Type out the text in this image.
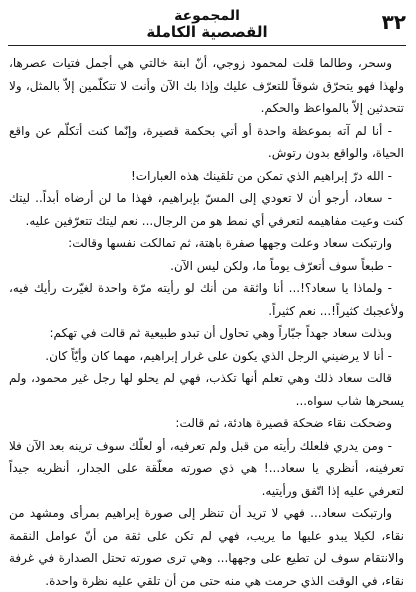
٣٢
المجموعة
القصصية الكاملة

وسحر، وطالما قلت لمحمود زوجي، أنّ ابنة خالتي هي أجمل فتيات عصرها، ولهذا فهو يتحرّق شوقاً للتعرّف عليك وإذا بك الآن وأنت لا تتكلّمين إلاّ بالمثل، ولا تتحدثين إلاّ بالمواعظ والحكم.

- أنا لم آته بموعظة واحدة أو أتي بحكمة قصيرة، وإنّما كنت أتكلّم عن واقع الحياة، والواقع بدون رتوش.

- الله درّ إبراهيم الذي تمكن من تلقينك هذه العبارات!

- سعاد، أرجو أن لا تعودي إلى المسّ بإبراهيم، فهذا ما لن أرضاه أبداً.. ليتك كنت وعيت مفاهيمه لتعرفي أي نمط هو من الرجال... نعم ليتك تتعرّفين عليه.

وارتبكت سعاد وعلت وجهها صفرة باهتة، ثم تمالكت نفسها وقالت:

- طبعاً سوف أتعرّف يوماً ما، ولكن ليس الآن.

- ولماذا يا سعاد؟!... أنا واثقة من أنك لو رأيته مرّة واحدة لغيّرت رأيك فيه، ولأعجبك كثيراً!... نعم كثيراً.

وبذلت سعاد جهداً جبّاراً وهي تحاول أن تبدو طبيعية ثم قالت في تهكم:

- أنا لا يرضيني الرجل الذي يكون على غرار إبراهيم، مهما كان وأيّاً كان.

قالت سعاد ذلك وهي تعلم أنها تكذب، فهي لم يحلو لها رجل غير محمود، ولم يسحرها شاب سواه...

وضحكت نقاء ضحكة قصيرة هادئة، ثم قالت:

- ومن يدري فلعلك رأيته من قبل ولم تعرفيه، أو لعلّك سوف ترينه بعد الآن فلا تعرفينه، أنظري يا سعاد...! هي ذي صورته معلّقة على الجدار، أنظريه جيداً لتعرفي عليه إذا اتّفق ورأيتيه.

وارتبكت سعاد... فهي لا تريد أن تنظر إلى صورة إبراهيم بمرأى ومشهد من نقاء، لكيلا يبدو عليها ما يريب، فهي لم تكن على ثقة من أنّ عوامل النقمة والانتقام سوف لن تطيع على وجهها... وهي ترى صورته تحتل الصدارة في غرفة نقاء، في الوقت الذي حرمت هي منه حتى من أن تلقي عليه نظرة واحدة.
